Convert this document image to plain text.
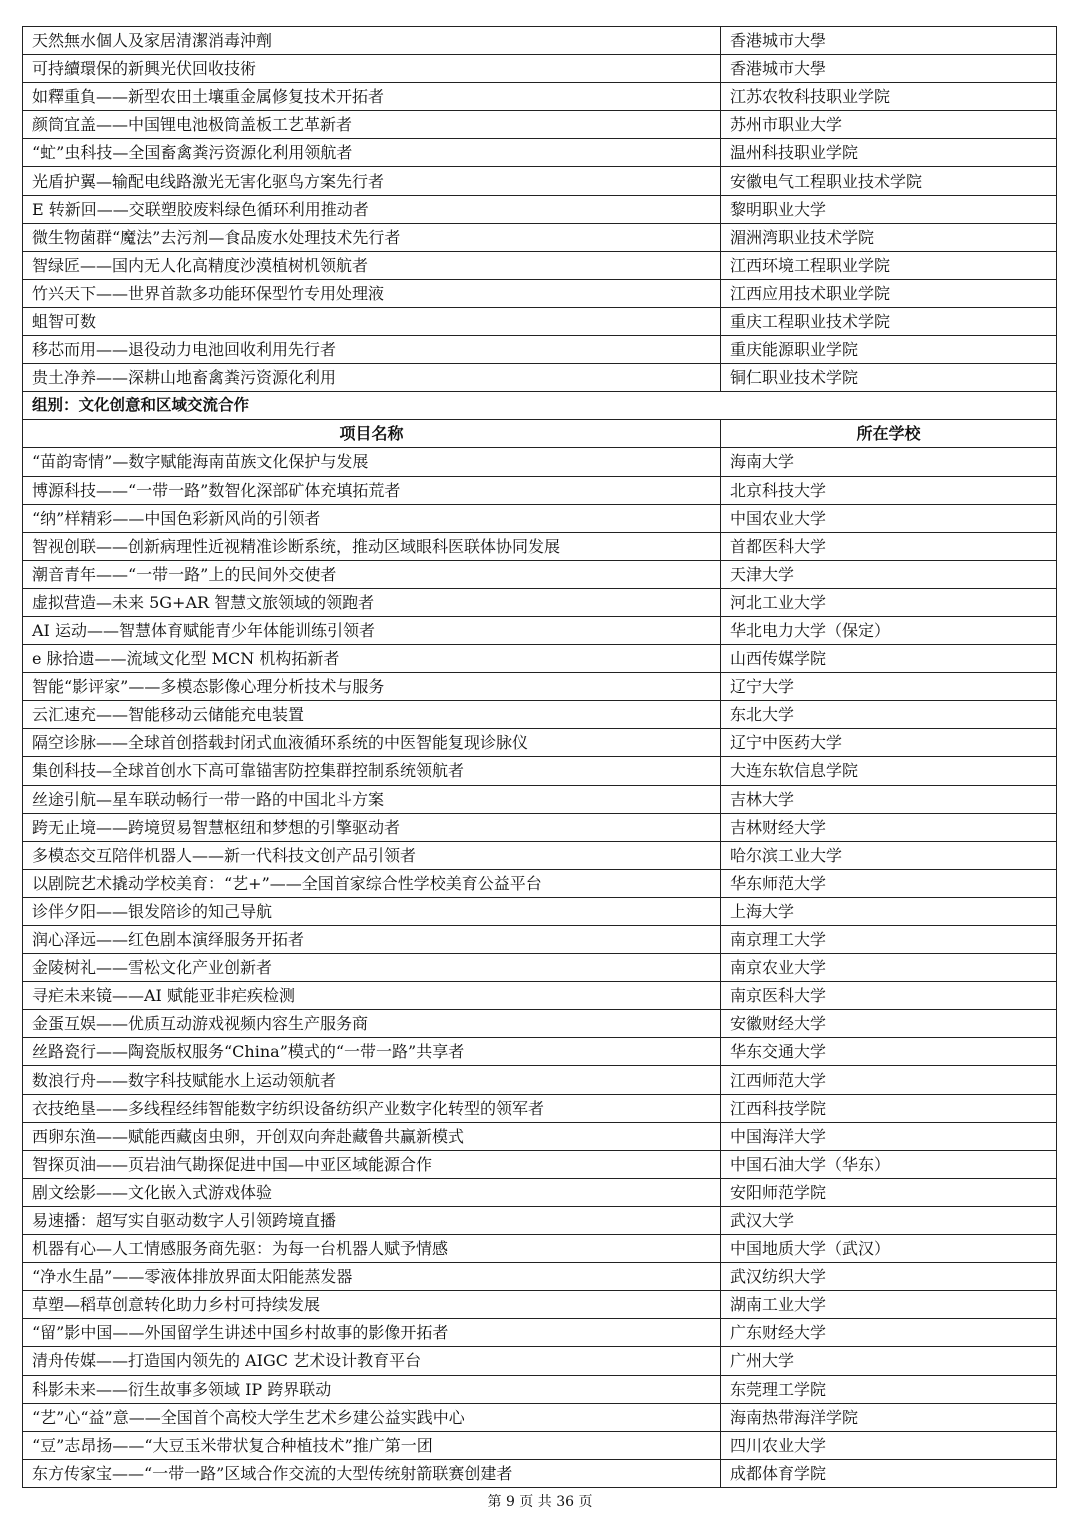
天然無水個人及家居清潔消毒沖劑	香港城市大學
可持續環保的新興光伏回收技術	香港城市大學
如釋重負——新型农田土壤重金属修复技术开拓者	江苏农牧科技职业学院
颜筒宜盖——中国锂电池极筒盖板工艺革新者	苏州市职业大学
“虻”虫科技—全国畜禽粪污资源化利用领航者	温州科技职业学院
光盾护翼—输配电线路激光无害化驱鸟方案先行者	安徽电气工程职业技术学院
E 转新回——交联塑胶废料绿色循环利用推动者	黎明职业大学
微生物菌群“魔法”去污剂—食品废水处理技术先行者	湄洲湾职业技术学院
智绿匠——国内无人化高精度沙漠植树机领航者	江西环境工程职业学院
竹兴天下——世界首款多功能环保型竹专用处理液	江西应用技术职业学院
蛆智可数	重庆工程职业技术学院
移芯而用——退役动力电池回收利用先行者	重庆能源职业学院
贵土净养——深耕山地畜禽粪污资源化利用	铜仁职业技术学院
组别：文化创意和区域交流合作	
项目名称	所在学校
“苗韵寄情”—数字赋能海南苗族文化保护与发展	海南大学
博源科技——“一带一路”数智化深部矿体充填拓荒者	北京科技大学
“纳”样精彩——中国色彩新风尚的引领者	中国农业大学
智视创联——创新病理性近视精准诊断系统，推动区域眼科医联体协同发展	首都医科大学
潮音青年——“一带一路”上的民间外交使者	天津大学
虚拟营造—未来 5G+AR 智慧文旅领域的领跑者	河北工业大学
AI 运动——智慧体育赋能青少年体能训练引领者	华北电力大学（保定）
e 脉拾遗——流域文化型 MCN 机构拓新者	山西传媒学院
智能“影评家”——多模态影像心理分析技术与服务	辽宁大学
云汇速充——智能移动云储能充电装置	东北大学
隔空诊脉——全球首创搭载封闭式血液循环系统的中医智能复现诊脉仪	辽宁中医药大学
集创科技—全球首创水下高可靠锚害防控集群控制系统领航者	大连东软信息学院
丝途引航—星车联动畅行一带一路的中国北斗方案	吉林大学
跨无止境——跨境贸易智慧枢纽和梦想的引擎驱动者	吉林财经大学
多模态交互陪伴机器人——新一代科技文创产品引领者	哈尔滨工业大学
以剧院艺术撬动学校美育：“艺+”——全国首家综合性学校美育公益平台	华东师范大学
诊伴夕阳——银发陪诊的知己导航	上海大学
润心泽远——红色剧本演绎服务开拓者	南京理工大学
金陵树礼——雪松文化产业创新者	南京农业大学
寻疟未来镜——AI 赋能亚非疟疾检测	南京医科大学
金蛋互娱——优质互动游戏视频内容生产服务商	安徽财经大学
丝路瓷行——陶瓷版权服务“China”模式的“一带一路”共享者	华东交通大学
数浪行舟——数字科技赋能水上运动领航者	江西师范大学
衣技绝垦——多线程经纬智能数字纺织设备纺织产业数字化转型的领军者	江西科技学院
西卵东渔——赋能西藏卤虫卵，开创双向奔赴藏鲁共赢新模式	中国海洋大学
智探页油——页岩油气勘探促进中国—中亚区域能源合作	中国石油大学（华东）
剧文绘影——文化嵌入式游戏体验	安阳师范学院
易速播：超写实自驱动数字人引领跨境直播	武汉大学
机器有心—人工情感服务商先驱：为每一台机器人赋予情感	中国地质大学（武汉）
“净水生晶”——零液体排放界面太阳能蒸发器	武汉纺织大学
草塑—稻草创意转化助力乡村可持续发展	湖南工业大学
“留”影中国——外国留学生讲述中国乡村故事的影像开拓者	广东财经大学
清舟传媒——打造国内领先的 AIGC 艺术设计教育平台	广州大学
科影未来——衍生故事多领域 IP 跨界联动	东莞理工学院
“艺”心“益”意——全国首个高校大学生艺术乡建公益实践中心	海南热带海洋学院
“豆”志昂扬——“大豆玉米带状复合种植技术”推广第一团	四川农业大学
东方传家宝——“一带一路”区域合作交流的大型传统射箭联赛创建者	成都体育学院
第 9 页 共 36 页
